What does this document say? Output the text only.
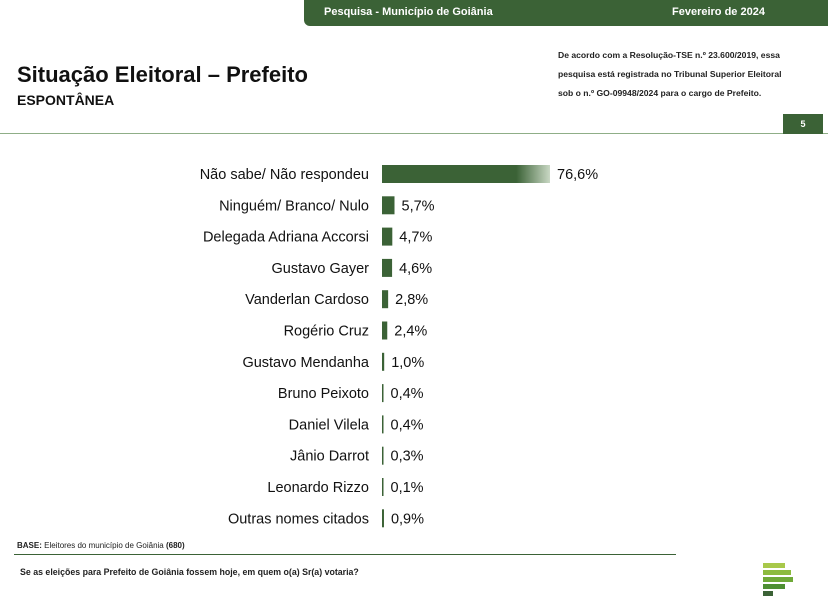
Pesquisa - Município de Goiânia	Fevereiro de 2024
Situação Eleitoral – Prefeito
ESPONTÂNEA
De acordo com a Resolução-TSE n.º 23.600/2019, essa
pesquisa está registrada no Tribunal Superior Eleitoral
sob o n.º GO-09948/2024 para o cargo de Prefeito.
5
Não sabe/ Não respondeu	76,6%
Ninguém/ Branco/ Nulo 5,7%
Delegada Adriana Accorsi 4,7%
Gustavo Gayer 4,6%
Vanderlan Cardoso 2,8%
Rogério Cruz 2,4%
Gustavo Mendanha 1,0%
Bruno Peixoto 0,4%
Daniel Vilela 0,4%
Jânio Darrot 0,3%
Leonardo Rizzo 0,1%
Outras nomes citados 0,9%
BASE: Eleitores do município de Goiânia (680)
Se as eleições para Prefeito de Goiânia fossem hoje, em quem o(a) Sr(a) votaria?
